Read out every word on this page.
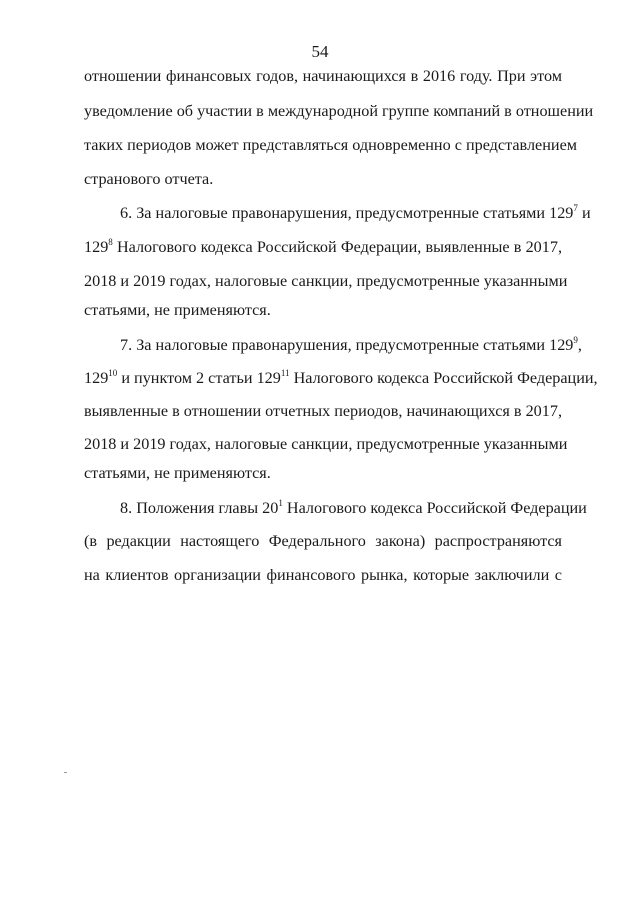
54
отношении финансовых годов, начинающихся в 2016 году. При этом
уведомление об участии в международной группе компаний в отношении
таких периодов может представляться одновременно с представлением
странового отчета.
6. За налоговые правонарушения, предусмотренные статьями $129^7$ и
$129^8$ Налогового кодекса Российской Федерации, выявленные в 2017,
2018 и 2019 годах, налоговые санкции, предусмотренные указанными
статьями, не применяются.
7. За налоговые правонарушения, предусмотренные статьями $129^9$,
$129^{10}$ и пунктом 2 статьи $129^{11}$ Налогового кодекса Российской Федерации,
выявленные в отношении отчетных периодов, начинающихся в 2017,
2018 и 2019 годах, налоговые санкции, предусмотренные указанными
статьями, не применяются.
8. Положения главы $20^1$ Налогового кодекса Российской Федерации
(в редакции настоящего Федерального закона) распространяются
на клиентов организации финансового рынка, которые заключили с
